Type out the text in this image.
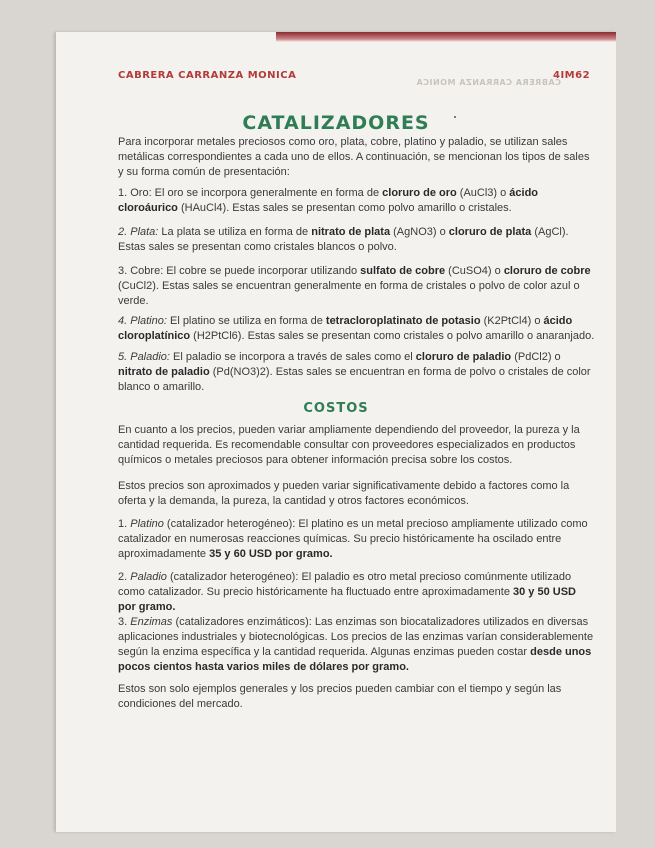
CABRERA CARRANZA MONICA

CABRERA CARRANZA MONICA

4IM62

CATALIZADORES

Para incorporar metales preciosos como oro, plata, cobre, platino y paladio, se utilizan sales metálicas correspondientes a cada uno de ellos. A continuación, se mencionan los tipos de sales y su forma común de presentación:

1. Oro: El oro se incorpora generalmente en forma de cloruro de oro (AuCl3) o ácido cloroáurico (HAuCl4). Estas sales se presentan como polvo amarillo o cristales.

2. Plata: La plata se utiliza en forma de nitrato de plata (AgNO3) o cloruro de plata (AgCl). Estas sales se presentan como cristales blancos o polvo.

3. Cobre: El cobre se puede incorporar utilizando sulfato de cobre (CuSO4) o cloruro de cobre (CuCl2). Estas sales se encuentran generalmente en forma de cristales o polvo de color azul o verde.

4. Platino: El platino se utiliza en forma de tetracloroplatinato de potasio (K2PtCl4) o ácido cloroplatínico (H2PtCl6). Estas sales se presentan como cristales o polvo amarillo o anaranjado.

5. Paladio: El paladio se incorpora a través de sales como el cloruro de paladio (PdCl2) o nitrato de paladio (Pd(NO3)2). Estas sales se encuentran en forma de polvo o cristales de color blanco o amarillo.

COSTOS

En cuanto a los precios, pueden variar ampliamente dependiendo del proveedor, la pureza y la cantidad requerida. Es recomendable consultar con proveedores especializados en productos químicos o metales preciosos para obtener información precisa sobre los costos.

Estos precios son aproximados y pueden variar significativamente debido a factores como la oferta y la demanda, la pureza, la cantidad y otros factores económicos.

1. Platino (catalizador heterogéneo): El platino es un metal precioso ampliamente utilizado como catalizador en numerosas reacciones químicas. Su precio históricamente ha oscilado entre aproximadamente 35 y 60 USD por gramo.

2. Paladio (catalizador heterogéneo): El paladio es otro metal precioso comúnmente utilizado como catalizador. Su precio históricamente ha fluctuado entre aproximadamente 30 y 50 USD por gramo.

3. Enzimas (catalizadores enzimáticos): Las enzimas son biocatalizadores utilizados en diversas aplicaciones industriales y biotecnológicas. Los precios de las enzimas varían considerablemente según la enzima específica y la cantidad requerida. Algunas enzimas pueden costar desde unos pocos cientos hasta varios miles de dólares por gramo.

Estos son solo ejemplos generales y los precios pueden cambiar con el tiempo y según las condiciones del mercado.
